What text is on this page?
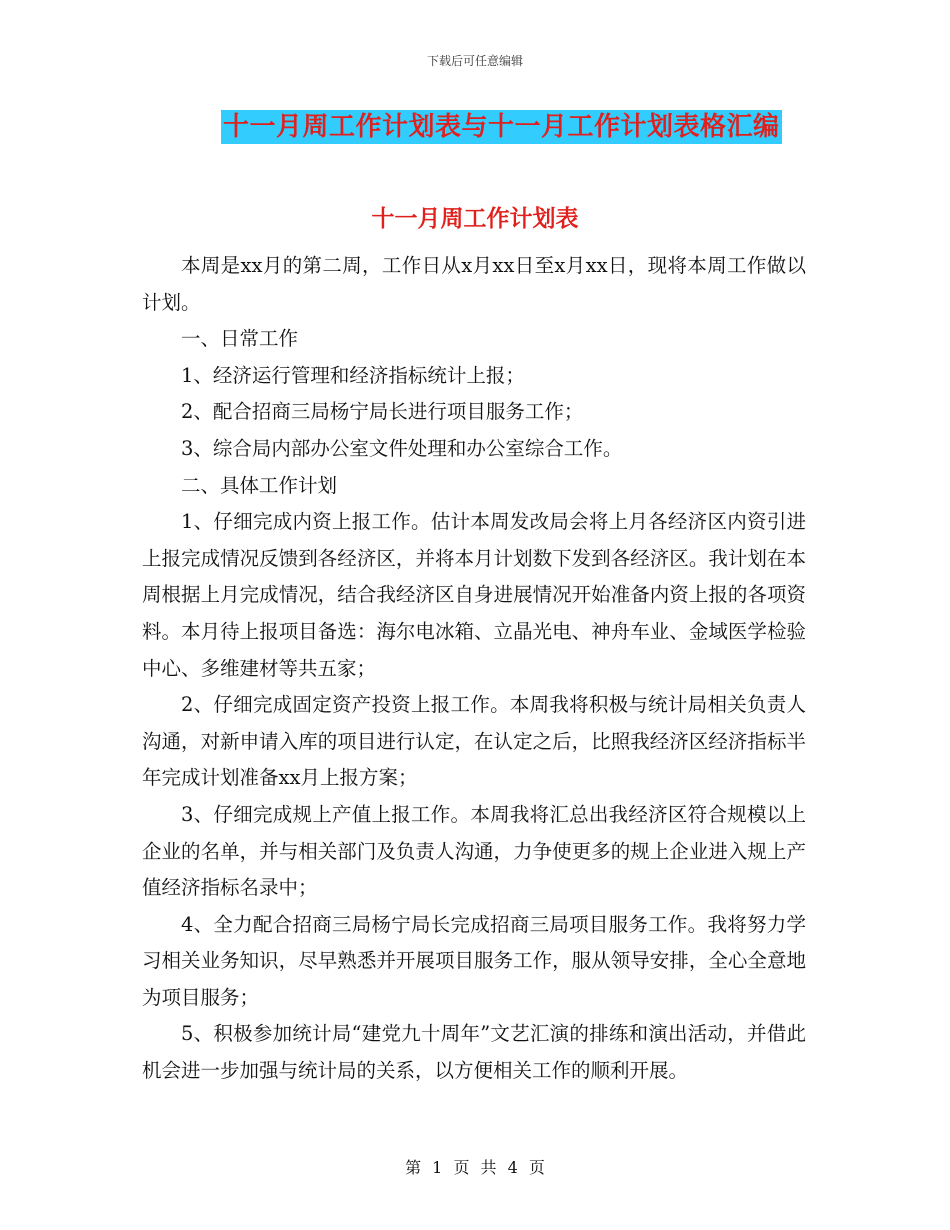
下载后可任意编辑
十一月周工作计划表与十一月工作计划表格汇编
十一月周工作计划表

本周是xx月的第二周，工作日从x月xx日至x月xx日，现将本周工作做以计划。

一、日常工作

1、经济运行管理和经济指标统计上报；

2、配合招商三局杨宁局长进行项目服务工作；

3、综合局内部办公室文件处理和办公室综合工作。

二、具体工作计划

1、仔细完成内资上报工作。估计本周发改局会将上月各经济区内资引进上报完成情况反馈到各经济区，并将本月计划数下发到各经济区。我计划在本周根据上月完成情况，结合我经济区自身进展情况开始准备内资上报的各项资料。本月待上报项目备选：海尔电冰箱、立晶光电、神舟车业、金域医学检验中心、多维建材等共五家；

2、仔细完成固定资产投资上报工作。本周我将积极与统计局相关负责人沟通，对新申请入库的项目进行认定，在认定之后，比照我经济区经济指标半年完成计划准备xx月上报方案；

3、仔细完成规上产值上报工作。本周我将汇总出我经济区符合规模以上企业的名单，并与相关部门及负责人沟通，力争使更多的规上企业进入规上产值经济指标名录中；

4、全力配合招商三局杨宁局长完成招商三局项目服务工作。我将努力学习相关业务知识，尽早熟悉并开展项目服务工作，服从领导安排，全心全意地为项目服务；

5、积极参加统计局“建党九十周年”文艺汇演的排练和演出活动，并借此机会进一步加强与统计局的关系，以方便相关工作的顺利开展。

第 1 页 共 4 页
